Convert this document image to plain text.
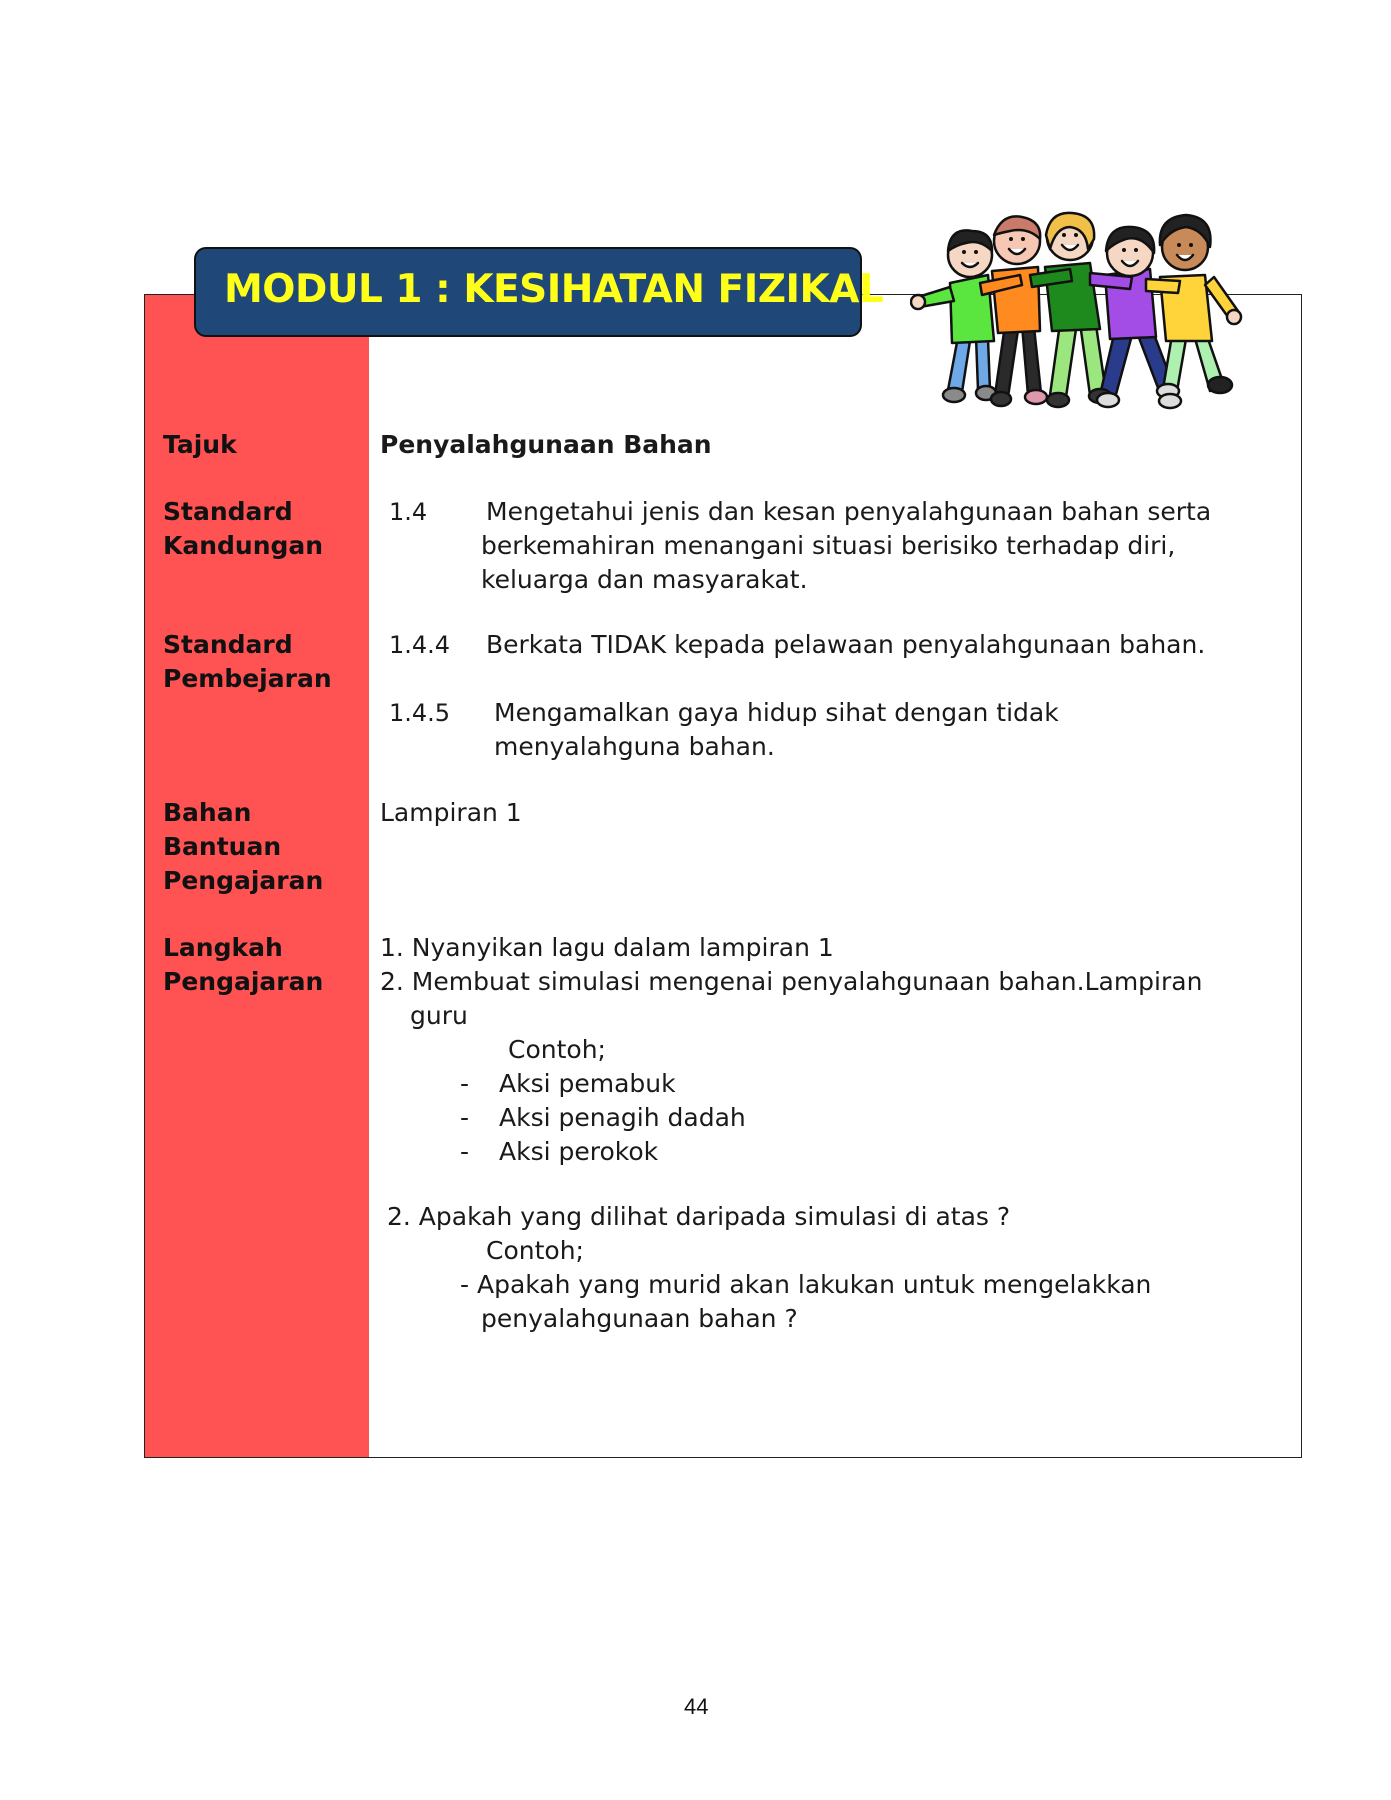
MODUL 1 : KESIHATAN FIZIKAL
Tajuk	Penyalahgunaan Bahan
Standard
Kandungan
1.4 Mengetahui jenis dan kesan penyalahgunaan bahan serta
berkemahiran menangani situasi berisiko terhadap diri,
keluarga dan masyarakat.
Standard
Pembejaran
1.4.4 Berkata TIDAK kepada pelawaan penyalahgunaan bahan.
1.4.5 Mengamalkan gaya hidup sihat dengan tidak
menyalahguna bahan.
Bahan
Bantuan
Pengajaran
Lampiran 1
Langkah
Pengajaran
1. Nyanyikan lagu dalam lampiran 1
2. Membuat simulasi mengenai penyalahgunaan bahan.Lampiran
guru
Contoh;
- Aksi pemabuk
- Aksi penagih dadah
- Aksi perokok
2. Apakah yang dilihat daripada simulasi di atas ?
Contoh;
- Apakah yang murid akan lakukan untuk mengelakkan
penyalahgunaan bahan ?
44
